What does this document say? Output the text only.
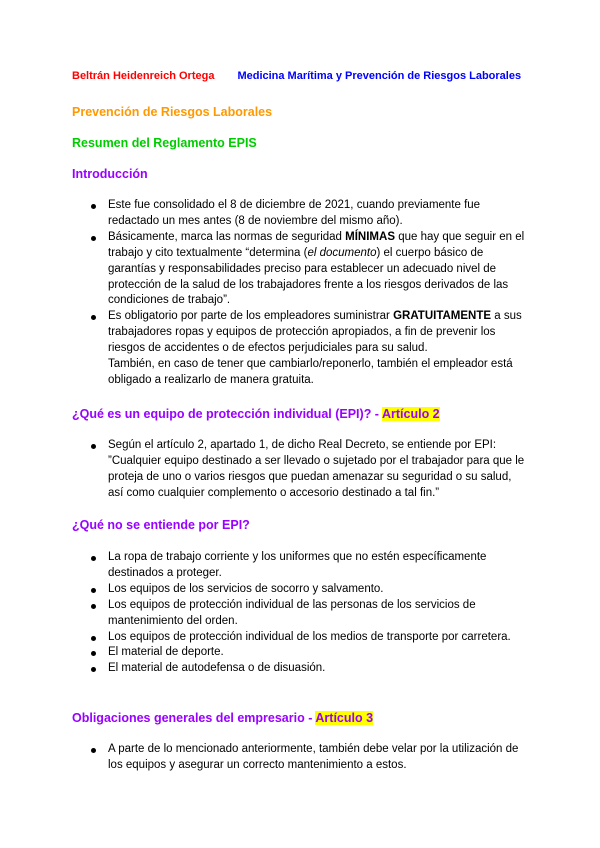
Beltrán Heidenreich Ortega Medicina Marítima y Prevención de Riesgos Laborales
Prevención de Riesgos Laborales
Resumen del Reglamento EPIS
Introducción
Este fue consolidado el 8 de diciembre de 2021, cuando previamente fue redactado un mes antes (8 de noviembre del mismo año).
Básicamente, marca las normas de seguridad MÍNIMAS que hay que seguir en el trabajo y cito textualmente “determina (el documento) el cuerpo básico de garantías y responsabilidades preciso para establecer un adecuado nivel de protección de la salud de los trabajadores frente a los riesgos derivados de las condiciones de trabajo”.
Es obligatorio por parte de los empleadores suministrar GRATUITAMENTE a sus trabajadores ropas y equipos de protección apropiados, a fin de prevenir los riesgos de accidentes o de efectos perjudiciales para su salud.
También, en caso de tener que cambiarlo/reponerlo, también el empleador está obligado a realizarlo de manera gratuita.
¿Qué es un equipo de protección individual (EPI)? - Artículo 2
Según el artículo 2, apartado 1, de dicho Real Decreto, se entiende por EPI: ”Cualquier equipo destinado a ser llevado o sujetado por el trabajador para que le proteja de uno o varios riesgos que puedan amenazar su seguridad o su salud, así como cualquier complemento o accesorio destinado a tal fin.”
¿Qué no se entiende por EPI?
La ropa de trabajo corriente y los uniformes que no estén específicamente destinados a proteger.
Los equipos de los servicios de socorro y salvamento.
Los equipos de protección individual de las personas de los servicios de mantenimiento del orden.
Los equipos de protección individual de los medios de transporte por carretera.
El material de deporte.
El material de autodefensa o de disuasión.
Obligaciones generales del empresario - Artículo 3
A parte de lo mencionado anteriormente, también debe velar por la utilización de los equipos y asegurar un correcto mantenimiento a estos.
